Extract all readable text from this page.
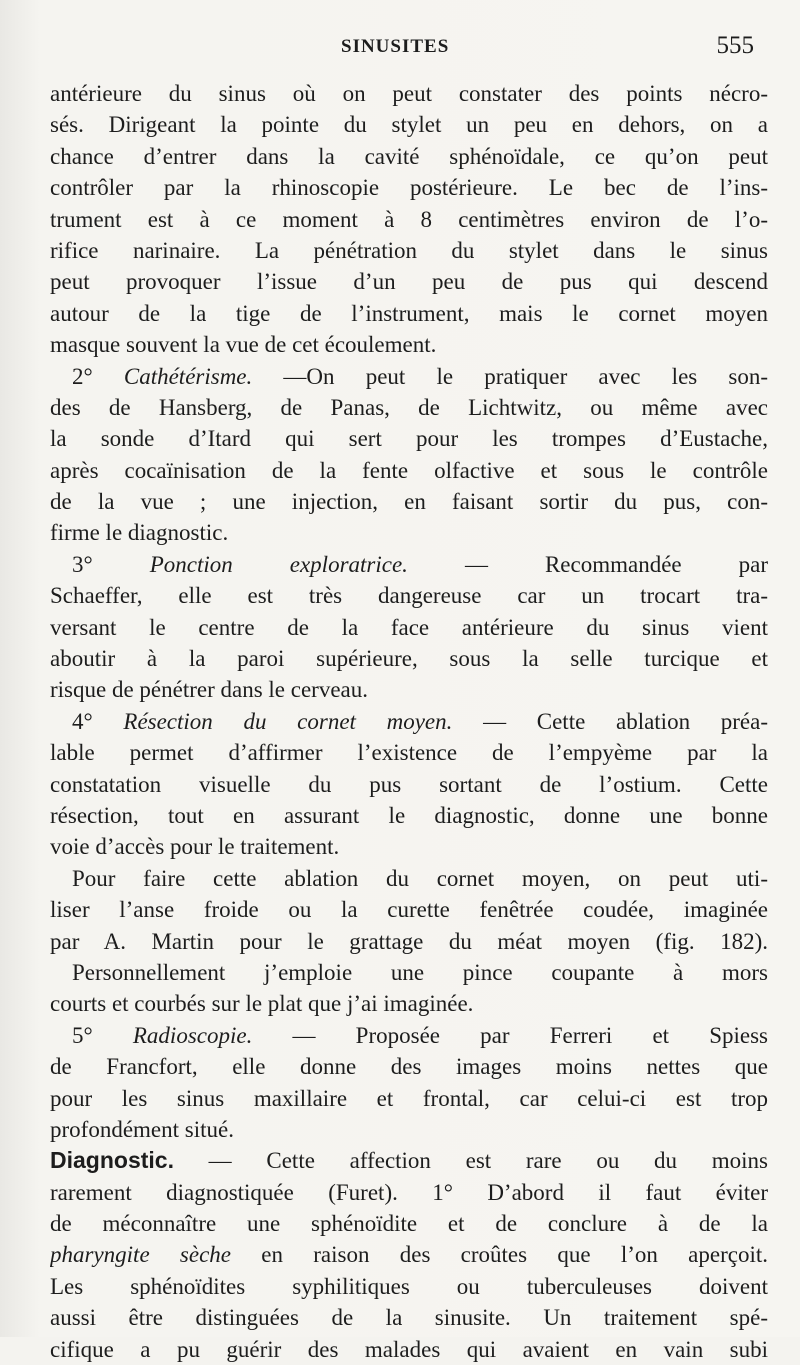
SINUSITES	555
antérieure du sinus où on peut constater des points nécro-
sés. Dirigeant la pointe du stylet un peu en dehors, on a
chance d’entrer dans la cavité sphénoïdale, ce qu’on peut
contrôler par la rhinoscopie postérieure. Le bec de l’ins-
trument est à ce moment à 8 centimètres environ de l’o-
rifice narinaire. La pénétration du stylet dans le sinus
peut provoquer l’issue d’un peu de pus qui descend
autour de la tige de l’instrument, mais le cornet moyen
masque souvent la vue de cet écoulement.
2° Cathétérisme. —On peut le pratiquer avec les son-
des de Hansberg, de Panas, de Lichtwitz, ou même avec
la sonde d’Itard qui sert pour les trompes d’Eustache,
après cocaïnisation de la fente olfactive et sous le contrôle
de la vue ; une injection, en faisant sortir du pus, con-
firme le diagnostic.
3° Ponction exploratrice. — Recommandée par
Schaeffer, elle est très dangereuse car un trocart tra-
versant le centre de la face antérieure du sinus vient
aboutir à la paroi supérieure, sous la selle turcique et
risque de pénétrer dans le cerveau.
4° Résection du cornet moyen. — Cette ablation préa-
lable permet d’affirmer l’existence de l’empyème par la
constatation visuelle du pus sortant de l’ostium. Cette
résection, tout en assurant le diagnostic, donne une bonne
voie d’accès pour le traitement.
Pour faire cette ablation du cornet moyen, on peut uti-
liser l’anse froide ou la curette fenêtrée coudée, imaginée
par A. Martin pour le grattage du méat moyen (fig. 182).
Personnellement j’emploie une pince coupante à mors
courts et courbés sur le plat que j’ai imaginée.
5° Radioscopie. — Proposée par Ferreri et Spiess
de Francfort, elle donne des images moins nettes que
pour les sinus maxillaire et frontal, car celui-ci est trop
profondément situé.
Diagnostic. — Cette affection est rare ou du moins
rarement diagnostiquée (Furet). 1° D’abord il faut éviter
de méconnaître une sphénoïdite et de conclure à de la
pharyngite sèche en raison des croûtes que l’on aperçoit.
Les sphénoïdites syphilitiques ou tuberculeuses doivent
aussi être distinguées de la sinusite. Un traitement spé-
cifique a pu guérir des malades qui avaient en vain subi
